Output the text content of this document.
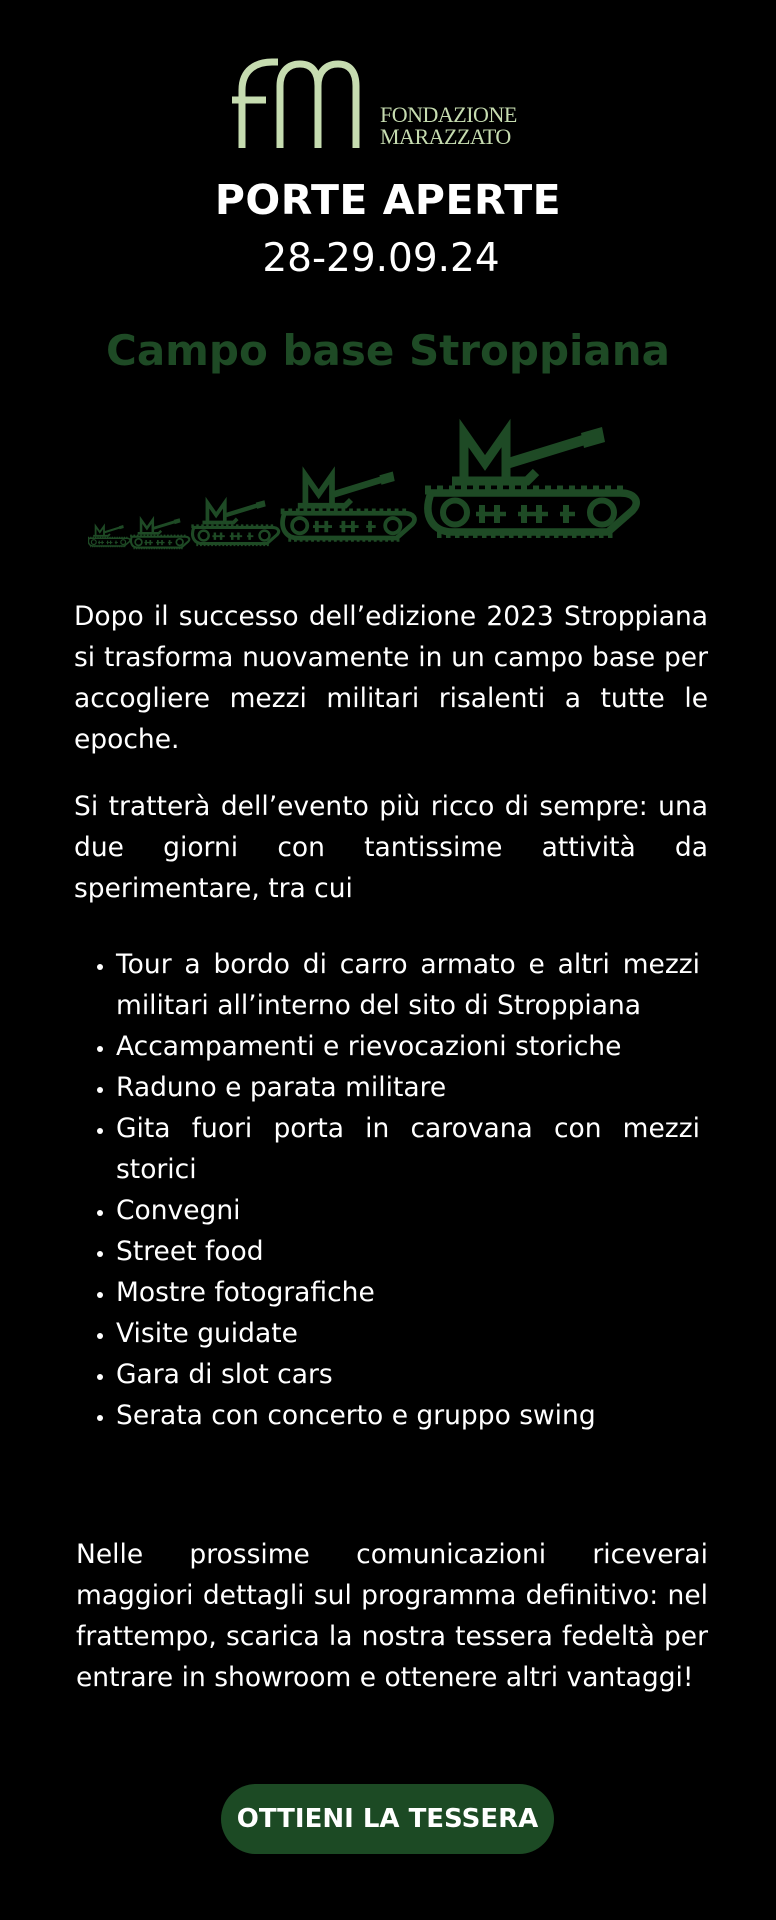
FONDAZIONE
MARAZZATO
PORTE APERTE
28-29.09.24
Campo base Stroppiana

Dopo il successo dell’edizione 2023 Stroppiana si trasforma nuovamente in un campo base per accogliere mezzi militari risalenti a tutte le epoche.

Si tratterà dell’evento più ricco di sempre: una due giorni con tantissime attività da sperimentare, tra cui

• Tour a bordo di carro armato e altri mezzi militari all’interno del sito di Stroppiana
• Accampamenti e rievocazioni storiche
• Raduno e parata militare
• Gita fuori porta in carovana con mezzi storici
• Convegni
• Street food
• Mostre fotografiche
• Visite guidate
• Gara di slot cars
• Serata con concerto e gruppo swing

Nelle prossime comunicazioni riceverai maggiori dettagli sul programma definitivo: nel frattempo, scarica la nostra tessera fedeltà per entrare in showroom e ottenere altri vantaggi!

OTTIENI LA TESSERA
